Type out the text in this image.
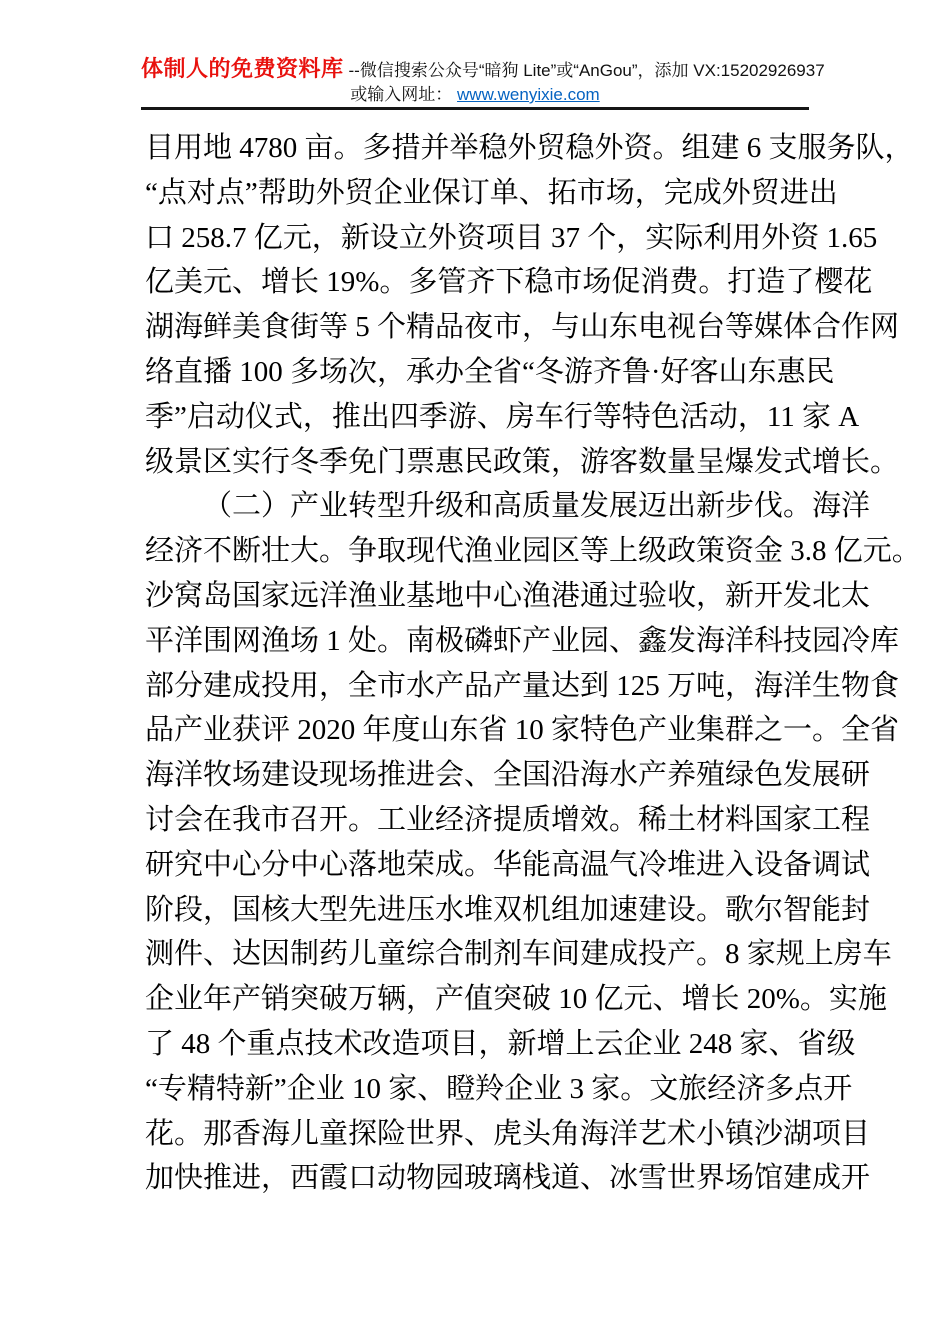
体制人的免费资料库 --微信搜索公众号“暗狗 Lite”或“AnGou”，添加 VX:15202926937
或输入网址： www.wenyixie.com
目用地 4780 亩。多措并举稳外贸稳外资。组建 6 支服务队，
“点对点”帮助外贸企业保订单、拓市场，完成外贸进出
口 258.7 亿元，新设立外资项目 37 个，实际利用外资 1.65
亿美元、增长 19%。多管齐下稳市场促消费。打造了樱花
湖海鲜美食街等 5 个精品夜市，与山东电视台等媒体合作网
络直播 100 多场次，承办全省“冬游齐鲁·好客山东惠民
季”启动仪式，推出四季游、房车行等特色活动，11 家 A
级景区实行冬季免门票惠民政策，游客数量呈爆发式增长。
（二）产业转型升级和高质量发展迈出新步伐。海洋
经济不断壮大。争取现代渔业园区等上级政策资金 3.8 亿元。
沙窝岛国家远洋渔业基地中心渔港通过验收，新开发北太
平洋围网渔场 1 处。南极磷虾产业园、鑫发海洋科技园冷库
部分建成投用，全市水产品产量达到 125 万吨，海洋生物食
品产业获评 2020 年度山东省 10 家特色产业集群之一。全省
海洋牧场建设现场推进会、全国沿海水产养殖绿色发展研
讨会在我市召开。工业经济提质增效。稀土材料国家工程
研究中心分中心落地荣成。华能高温气冷堆进入设备调试
阶段，国核大型先进压水堆双机组加速建设。歌尔智能封
测件、达因制药儿童综合制剂车间建成投产。8 家规上房车
企业年产销突破万辆，产值突破 10 亿元、增长 20%。实施
了 48 个重点技术改造项目，新增上云企业 248 家、省级
“专精特新”企业 10 家、瞪羚企业 3 家。文旅经济多点开
花。那香海儿童探险世界、虎头角海洋艺术小镇沙湖项目
加快推进，西霞口动物园玻璃栈道、冰雪世界场馆建成开
